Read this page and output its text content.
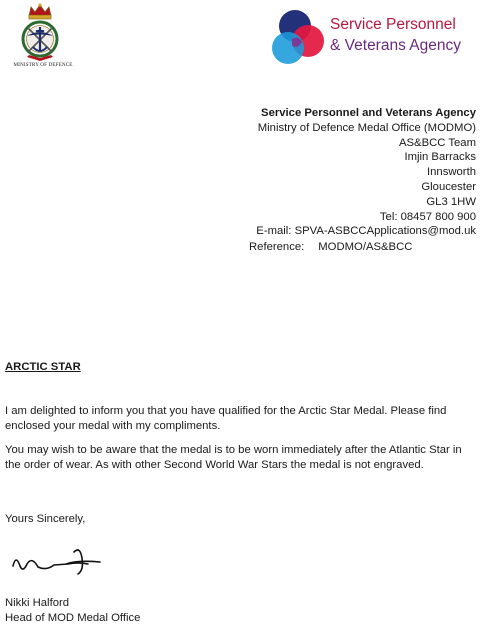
MINISTRY OF DEFENCE
Service Personnel
& Veterans Agency
Service Personnel and Veterans Agency
Ministry of Defence Medal Office (MODMO)
AS&BCC Team
Imjin Barracks
Innsworth
Gloucester
GL3 1HW
Tel: 08457 800 900
E-mail: SPVA-ASBCCApplications@mod.uk
Reference: MODMO/AS&BCC
ARCTIC STAR
I am delighted to inform you that you have qualified for the Arctic Star Medal. Please find enclosed your medal with my compliments.
You may wish to be aware that the medal is to be worn immediately after the Atlantic Star in the order of wear. As with other Second World War Stars the medal is not engraved.
Yours Sincerely,
Nikki Halford
Head of MOD Medal Office
